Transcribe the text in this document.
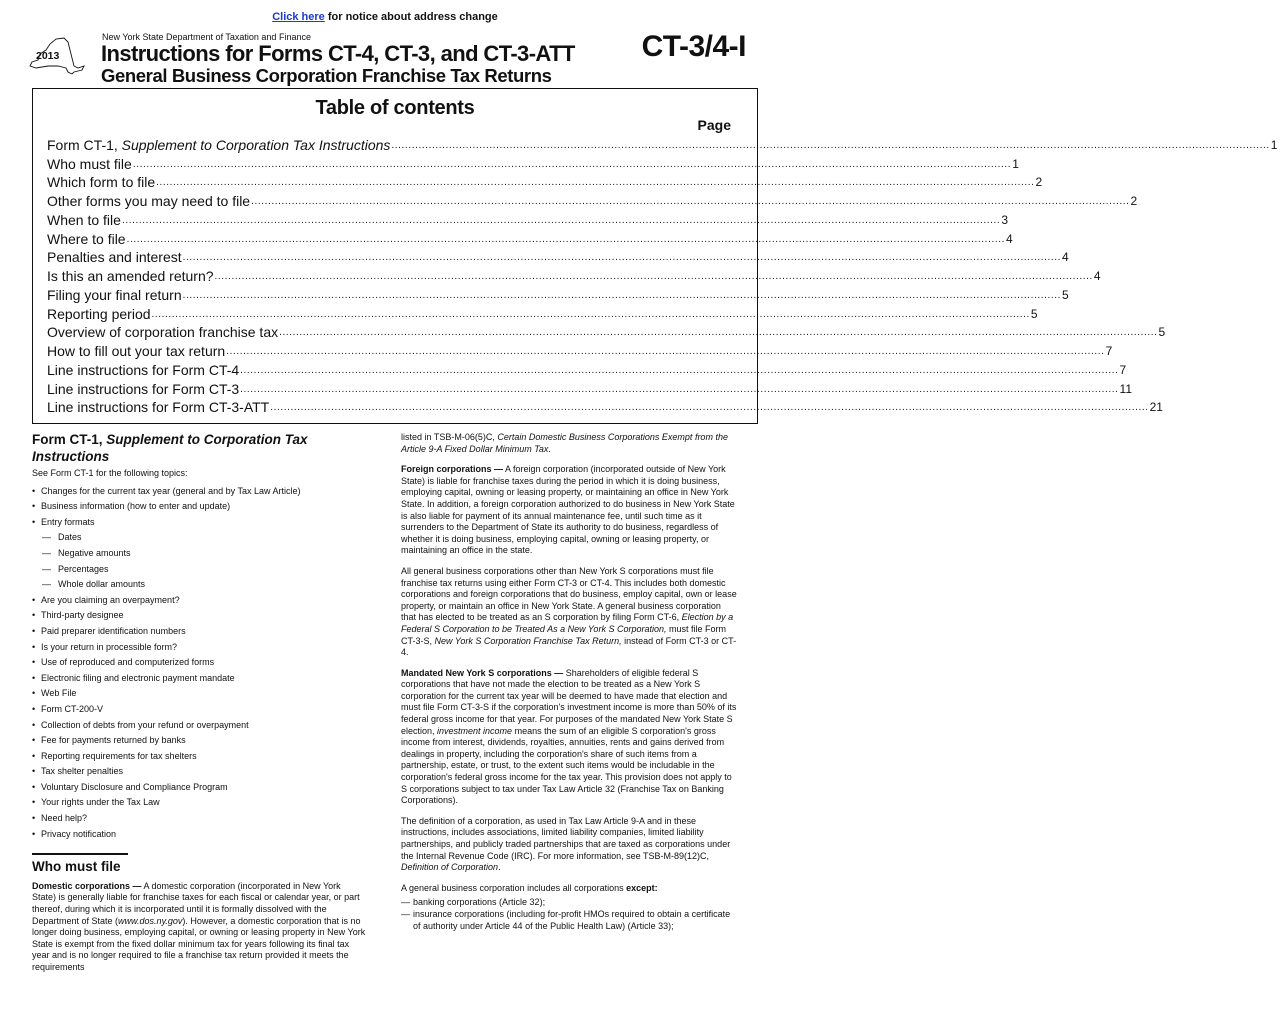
Click here for notice about address change
2013
New York State Department of Taxation and Finance
Instructions for Forms CT-4, CT-3, and CT-3-ATT
General Business Corporation Franchise Tax Returns
CT-3/4-I
Table of contents
Page
Form CT-1, Supplement to Corporation Tax Instructions .................................................................................................................................................................................................................................................................... 1
Who must file .................................................................................................................................................................................................................................................................... 1
Which form to file .................................................................................................................................................................................................................................................................... 2
Other forms you may need to file .................................................................................................................................................................................................................................................................... 2
When to file .................................................................................................................................................................................................................................................................... 3
Where to file .................................................................................................................................................................................................................................................................... 4
Penalties and interest .................................................................................................................................................................................................................................................................... 4
Is this an amended return? .................................................................................................................................................................................................................................................................... 4
Filing your final return .................................................................................................................................................................................................................................................................... 5
Reporting period .................................................................................................................................................................................................................................................................... 5
Overview of corporation franchise tax .................................................................................................................................................................................................................................................................... 5
How to fill out your tax return .................................................................................................................................................................................................................................................................... 7
Line instructions for Form CT-4 .................................................................................................................................................................................................................................................................... 7
Line instructions for Form CT-3 .................................................................................................................................................................................................................................................................... 11
Line instructions for Form CT-3-ATT .................................................................................................................................................................................................................................................................... 21
Form CT-1, Supplement to Corporation Tax Instructions
See Form CT-1 for the following topics:
• Changes for the current tax year (general and by Tax Law Article)
• Business information (how to enter and update)
• Entry formats
— Dates
— Negative amounts
— Percentages
— Whole dollar amounts
• Are you claiming an overpayment?
• Third-party designee
• Paid preparer identification numbers
• Is your return in processible form?
• Use of reproduced and computerized forms
• Electronic filing and electronic payment mandate
• Web File
• Form CT-200-V
• Collection of debts from your refund or overpayment
• Fee for payments returned by banks
• Reporting requirements for tax shelters
• Tax shelter penalties
• Voluntary Disclosure and Compliance Program
• Your rights under the Tax Law
• Need help?
• Privacy notification
Who must file

Domestic corporations — A domestic corporation (incorporated in New York State) is generally liable for franchise taxes for each fiscal or calendar year, or part thereof, during which it is incorporated until it is formally dissolved with the Department of State (www.dos.ny.gov). However, a domestic corporation that is no longer doing business, employing capital, or owning or leasing property in New York State is exempt from the fixed dollar minimum tax for years following its final tax year and is no longer required to file a franchise tax return provided it meets the requirements

listed in TSB-M-06(5)C, Certain Domestic Business Corporations Exempt from the Article 9-A Fixed Dollar Minimum Tax.

Foreign corporations — A foreign corporation (incorporated outside of New York State) is liable for franchise taxes during the period in which it is doing business, employing capital, owning or leasing property, or maintaining an office in New York State. In addition, a foreign corporation authorized to do business in New York State is also liable for payment of its annual maintenance fee, until such time as it surrenders to the Department of State its authority to do business, regardless of whether it is doing business, employing capital, owning or leasing property, or maintaining an office in the state.

All general business corporations other than New York S corporations must file franchise tax returns using either Form CT-3 or CT-4. This includes both domestic corporations and foreign corporations that do business, employ capital, own or lease property, or maintain an office in New York State. A general business corporation that has elected to be treated as an S corporation by filing Form CT-6, Election by a Federal S Corporation to be Treated As a New York S Corporation, must file Form CT-3-S, New York S Corporation Franchise Tax Return, instead of Form CT-3 or CT-4.

Mandated New York S corporations — Shareholders of eligible federal S corporations that have not made the election to be treated as a New York S corporation for the current tax year will be deemed to have made that election and must file Form CT-3-S if the corporation's investment income is more than 50% of its federal gross income for that year. For purposes of the mandated New York State S election, investment income means the sum of an eligible S corporation's gross income from interest, dividends, royalties, annuities, rents and gains derived from dealings in property, including the corporation's share of such items from a partnership, estate, or trust, to the extent such items would be includable in the corporation's federal gross income for the tax year. This provision does not apply to S corporations subject to tax under Tax Law Article 32 (Franchise Tax on Banking Corporations).

The definition of a corporation, as used in Tax Law Article 9-A and in these instructions, includes associations, limited liability companies, limited liability partnerships, and publicly traded partnerships that are taxed as corporations under the Internal Revenue Code (IRC). For more information, see TSB-M-89(12)C, Definition of Corporation.

A general business corporation includes all corporations except:

— banking corporations (Article 32);
— insurance corporations (including for-profit HMOs required to obtain a certificate of authority under Article 44 of the Public Health Law) (Article 33);
